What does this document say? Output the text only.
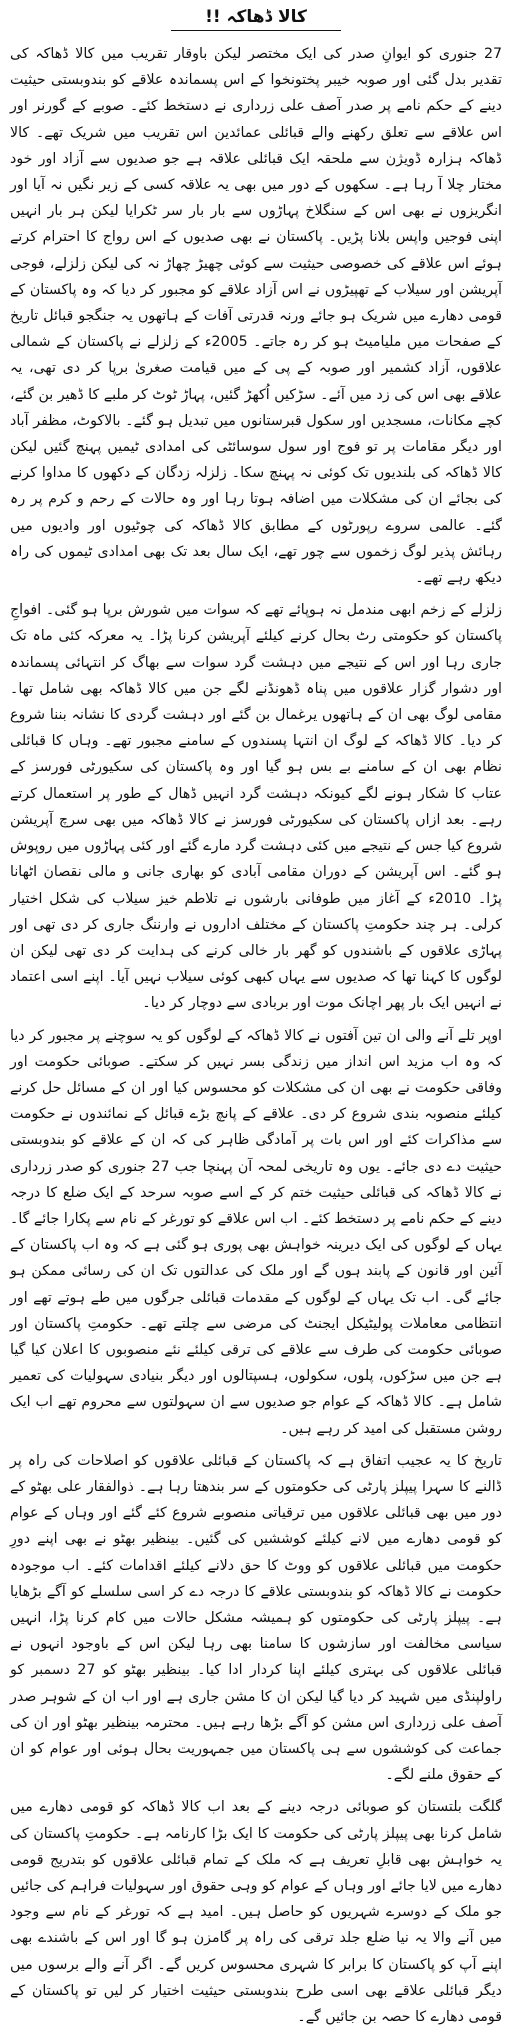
کالا ڈھاکہ !!

27 جنوری کو ایوانِ صدر کی ایک مختصر لیکن باوقار تقریب میں کالا ڈھاکہ کی تقدیر بدل گئی اور صوبہ خیبر پختونخوا کے اس پسماندہ علاقے کو بندوبستی حیثیت دینے کے حکم نامے پر صدر آصف علی زرداری نے دستخط کئے۔ صوبے کے گورنر اور اس علاقے سے تعلق رکھنے والے قبائلی عمائدین اس تقریب میں شریک تھے۔ کالا ڈھاکہ ہزارہ ڈویژن سے ملحقہ ایک قبائلی علاقہ ہے جو صدیوں سے آزاد اور خود مختار چلا آ رہا ہے۔ سکھوں کے دور میں بھی یہ علاقہ کسی کے زیر نگیں نہ آیا اور انگریزوں نے بھی اس کے سنگلاخ پہاڑوں سے بار بار سر ٹکرایا لیکن ہر بار انہیں اپنی فوجیں واپس بلانا پڑیں۔ پاکستان نے بھی صدیوں کے اس رواج کا احترام کرتے ہوئے اس علاقے کی خصوصی حیثیت سے کوئی چھیڑ چھاڑ نہ کی لیکن زلزلے، فوجی آپریشن اور سیلاب کے تھپیڑوں نے اس آزاد علاقے کو مجبور کر دیا کہ وہ پاکستان کے قومی دھارے میں شریک ہو جائے ورنہ قدرتی آفات کے ہاتھوں یہ جنگجو قبائل تاریخ کے صفحات میں ملیامیٹ ہو کر رہ جاتے۔ 2005ء کے زلزلے نے پاکستان کے شمالی علاقوں، آزاد کشمیر اور صوبہ کے پی کے میں قیامت صغریٰ برپا کر دی تھی، یہ علاقے بھی اس کی زد میں آئے۔ سڑکیں اُکھڑ گئیں، پہاڑ ٹوٹ کر ملبے کا ڈھیر بن گئے، کچے مکانات، مسجدیں اور سکول قبرستانوں میں تبدیل ہو گئے۔ بالاکوٹ، مظفر آباد اور دیگر مقامات پر تو فوج اور سول سوسائٹی کی امدادی ٹیمیں پہنچ گئیں لیکن کالا ڈھاکہ کی بلندیوں تک کوئی نہ پہنچ سکا۔ زلزلہ زدگان کے دکھوں کا مداوا کرنے کی بجائے ان کی مشکلات میں اضافہ ہوتا رہا اور وہ حالات کے رحم و کرم پر رہ گئے۔ عالمی سروے رپورٹوں کے مطابق کالا ڈھاکہ کی چوٹیوں اور وادیوں میں رہائش پذیر لوگ زخموں سے چور تھے، ایک سال بعد تک بھی امدادی ٹیموں کی راہ دیکھ رہے تھے۔

زلزلے کے زخم ابھی مندمل نہ ہوپائے تھے کہ سوات میں شورش برپا ہو گئی۔ افواجِ پاکستان کو حکومتی رٹ بحال کرنے کیلئے آپریشن کرنا پڑا۔ یہ معرکہ کئی ماہ تک جاری رہا اور اس کے نتیجے میں دہشت گرد سوات سے بھاگ کر انتہائی پسماندہ اور دشوار گزار علاقوں میں پناہ ڈھونڈنے لگے جن میں کالا ڈھاکہ بھی شامل تھا۔ مقامی لوگ بھی ان کے ہاتھوں یرغمال بن گئے اور دہشت گردی کا نشانہ بننا شروع کر دیا۔ کالا ڈھاکہ کے لوگ ان انتہا پسندوں کے سامنے مجبور تھے۔ وہاں کا قبائلی نظام بھی ان کے سامنے بے بس ہو گیا اور وہ پاکستان کی سکیورٹی فورسز کے عتاب کا شکار ہونے لگے کیونکہ دہشت گرد انہیں ڈھال کے طور پر استعمال کرتے رہے۔ بعد ازاں پاکستان کی سکیورٹی فورسز نے کالا ڈھاکہ میں بھی سرچ آپریشن شروع کیا جس کے نتیجے میں کئی دہشت گرد مارے گئے اور کئی پہاڑوں میں روپوش ہو گئے۔ اس آپریشن کے دوران مقامی آبادی کو بھاری جانی و مالی نقصان اٹھانا پڑا۔ 2010ء کے آغاز میں طوفانی بارشوں نے تلاطم خیز سیلاب کی شکل اختیار کرلی۔ ہر چند حکومتِ پاکستان کے مختلف اداروں نے وارننگ جاری کر دی تھی اور پہاڑی علاقوں کے باشندوں کو گھر بار خالی کرنے کی ہدایت کر دی تھی لیکن ان لوگوں کا کہنا تھا کہ صدیوں سے یہاں کبھی کوئی سیلاب نہیں آیا۔ اپنے اسی اعتماد نے انہیں ایک بار پھر اچانک موت اور بربادی سے دوچار کر دیا۔

اوپر تلے آنے والی ان تین آفتوں نے کالا ڈھاکہ کے لوگوں کو یہ سوچنے پر مجبور کر دیا کہ وہ اب مزید اس انداز میں زندگی بسر نہیں کر سکتے۔ صوبائی حکومت اور وفاقی حکومت نے بھی ان کی مشکلات کو محسوس کیا اور ان کے مسائل حل کرنے کیلئے منصوبہ بندی شروع کر دی۔ علاقے کے پانچ بڑے قبائل کے نمائندوں نے حکومت سے مذاکرات کئے اور اس بات پر آمادگی ظاہر کی کہ ان کے علاقے کو بندوبستی حیثیت دے دی جائے۔ یوں وہ تاریخی لمحہ آن پہنچا جب 27 جنوری کو صدر زرداری نے کالا ڈھاکہ کی قبائلی حیثیت ختم کر کے اسے صوبہ سرحد کے ایک ضلع کا درجہ دینے کے حکم نامے پر دستخط کئے۔ اب اس علاقے کو تورغر کے نام سے پکارا جائے گا۔ یہاں کے لوگوں کی ایک دیرینہ خواہش بھی پوری ہو گئی ہے کہ وہ اب پاکستان کے آئین اور قانون کے پابند ہوں گے اور ملک کی عدالتوں تک ان کی رسائی ممکن ہو جائے گی۔ اب تک یہاں کے لوگوں کے مقدمات قبائلی جرگوں میں طے ہوتے تھے اور انتظامی معاملات پولیٹیکل ایجنٹ کی مرضی سے چلتے تھے۔ حکومتِ پاکستان اور صوبائی حکومت کی طرف سے علاقے کی ترقی کیلئے نئے منصوبوں کا اعلان کیا گیا ہے جن میں سڑکوں، پلوں، سکولوں، ہسپتالوں اور دیگر بنیادی سہولیات کی تعمیر شامل ہے۔ کالا ڈھاکہ کے عوام جو صدیوں سے ان سہولتوں سے محروم تھے اب ایک روشن مستقبل کی امید کر رہے ہیں۔

تاریخ کا یہ عجیب اتفاق ہے کہ پاکستان کے قبائلی علاقوں کو اصلاحات کی راہ پر ڈالنے کا سہرا پیپلز پارٹی کی حکومتوں کے سر بندھتا رہا ہے۔ ذوالفقار علی بھٹو کے دور میں بھی قبائلی علاقوں میں ترقیاتی منصوبے شروع کئے گئے اور وہاں کے عوام کو قومی دھارے میں لانے کیلئے کوششیں کی گئیں۔ بینظیر بھٹو نے بھی اپنے دورِ حکومت میں قبائلی علاقوں کو ووٹ کا حق دلانے کیلئے اقدامات کئے۔ اب موجودہ حکومت نے کالا ڈھاکہ کو بندوبستی علاقے کا درجہ دے کر اسی سلسلے کو آگے بڑھایا ہے۔ پیپلز پارٹی کی حکومتوں کو ہمیشہ مشکل حالات میں کام کرنا پڑا، انہیں سیاسی مخالفت اور سازشوں کا سامنا بھی رہا لیکن اس کے باوجود انہوں نے قبائلی علاقوں کی بہتری کیلئے اپنا کردار ادا کیا۔ بینظیر بھٹو کو 27 دسمبر کو راولپنڈی میں شہید کر دیا گیا لیکن ان کا مشن جاری ہے اور اب ان کے شوہر صدر آصف علی زرداری اس مشن کو آگے بڑھا رہے ہیں۔ محترمہ بینظیر بھٹو اور ان کی جماعت کی کوششوں سے ہی پاکستان میں جمہوریت بحال ہوئی اور عوام کو ان کے حقوق ملنے لگے۔

گلگت بلتستان کو صوبائی درجہ دینے کے بعد اب کالا ڈھاکہ کو قومی دھارے میں شامل کرنا بھی پیپلز پارٹی کی حکومت کا ایک بڑا کارنامہ ہے۔ حکومتِ پاکستان کی یہ خواہش بھی قابلِ تعریف ہے کہ ملک کے تمام قبائلی علاقوں کو بتدریج قومی دھارے میں لایا جائے اور وہاں کے عوام کو وہی حقوق اور سہولیات فراہم کی جائیں جو ملک کے دوسرے شہریوں کو حاصل ہیں۔ امید ہے کہ تورغر کے نام سے وجود میں آنے والا یہ نیا ضلع جلد ترقی کی راہ پر گامزن ہو گا اور اس کے باشندے بھی اپنے آپ کو پاکستان کا برابر کا شہری محسوس کریں گے۔ اگر آنے والے برسوں میں دیگر قبائلی علاقے بھی اسی طرح بندوبستی حیثیت اختیار کر لیں تو پاکستان کے قومی دھارے کا حصہ بن جائیں گے۔
